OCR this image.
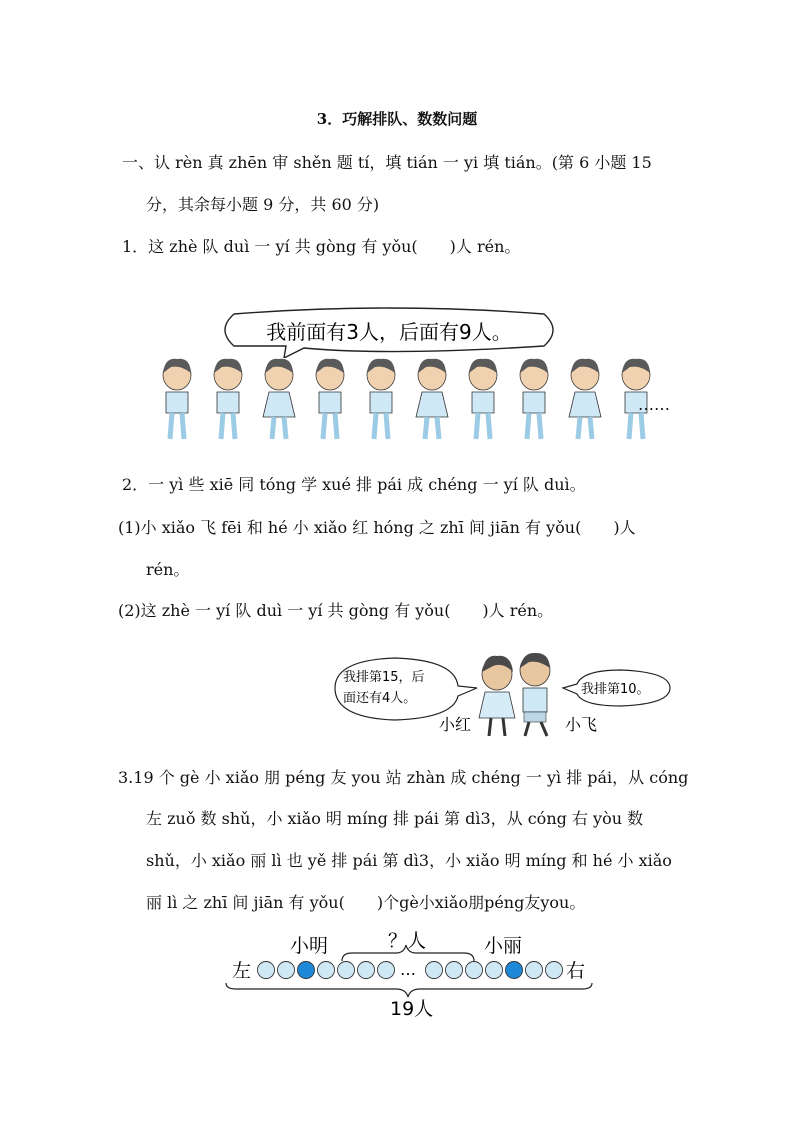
3．巧解排队、数数问题
一、认 rèn 真 zhēn 审 shěn 题 tí，填 tián 一 yi 填 tián。(第 6 小题 15
分，其余每小题 9 分，共 60 分)
1．这 zhè 队 duì 一 yí 共 gòng 有 yǒu(　　)人 rén。
我前面有3人，后面有9人。
……
2．一 yì 些 xiē 同 tóng 学 xué 排 pái 成 chéng 一 yí 队 duì。
(1)小 xiǎo 飞 fēi 和 hé 小 xiǎo 红 hóng 之 zhī 间 jiān 有 yǒu(　　)人
rén。
(2)这 zhè 一 yí 队 duì 一 yí 共 gòng 有 yǒu(　　)人 rén。
我排第15，后
面还有4人。
我排第10。
小红	小飞
3.19 个 gè 小 xiǎo 朋 péng 友 you 站 zhàn 成 chéng 一 yì 排 pái，从 cóng
左 zuǒ 数 shǔ，小 xiǎo 明 míng 排 pái 第 dì3，从 cóng 右 yòu 数
shǔ，小 xiǎo 丽 lì 也 yě 排 pái 第 dì3，小 xiǎo 明 míng 和 hé 小 xiǎo
丽 lì 之 zhī 间 jiān 有 yǒu(　　)个gè小xiǎo朋péng友you。
小明	小丽
？人
左	右
…
19人
